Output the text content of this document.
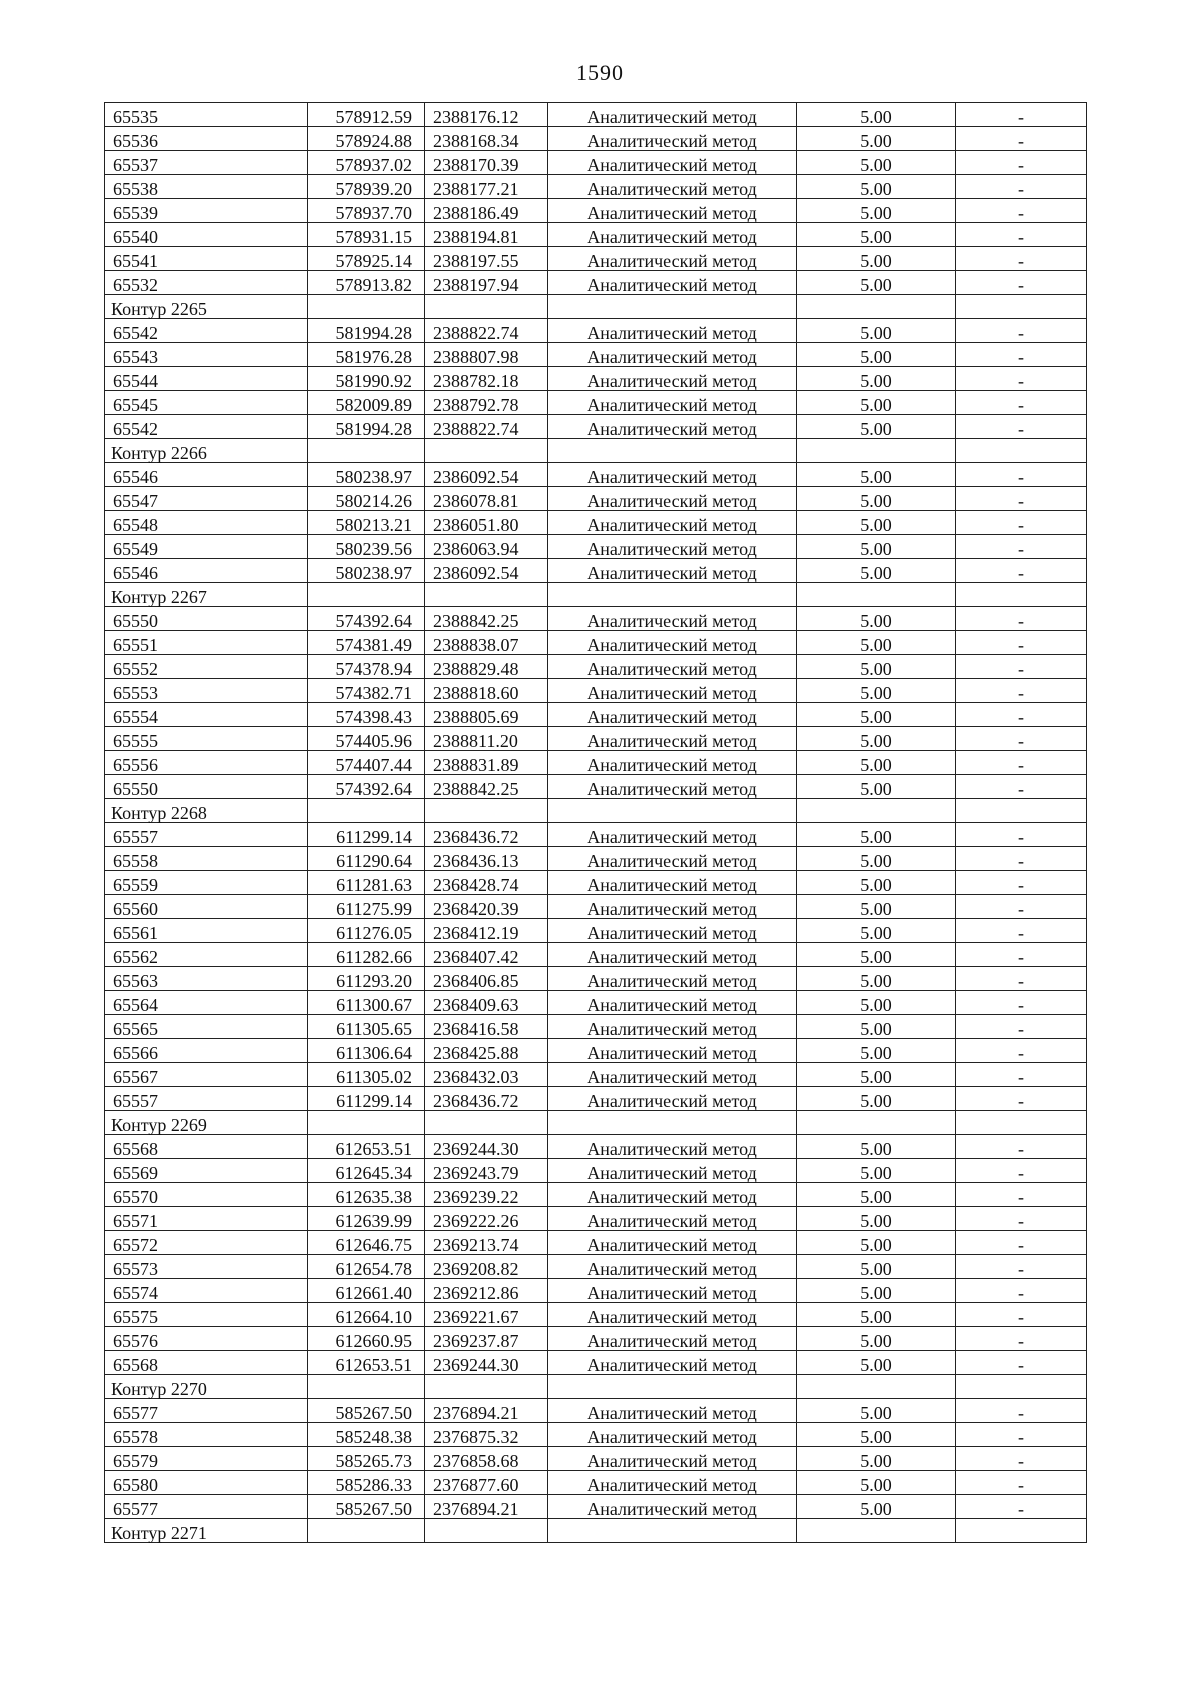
1590
65535	578912.59	2388176.12	Аналитический метод	5.00	-
65536	578924.88	2388168.34	Аналитический метод	5.00	-
65537	578937.02	2388170.39	Аналитический метод	5.00	-
65538	578939.20	2388177.21	Аналитический метод	5.00	-
65539	578937.70	2388186.49	Аналитический метод	5.00	-
65540	578931.15	2388194.81	Аналитический метод	5.00	-
65541	578925.14	2388197.55	Аналитический метод	5.00	-
65532	578913.82	2388197.94	Аналитический метод	5.00	-
Контур 2265					
65542	581994.28	2388822.74	Аналитический метод	5.00	-
65543	581976.28	2388807.98	Аналитический метод	5.00	-
65544	581990.92	2388782.18	Аналитический метод	5.00	-
65545	582009.89	2388792.78	Аналитический метод	5.00	-
65542	581994.28	2388822.74	Аналитический метод	5.00	-
Контур 2266					
65546	580238.97	2386092.54	Аналитический метод	5.00	-
65547	580214.26	2386078.81	Аналитический метод	5.00	-
65548	580213.21	2386051.80	Аналитический метод	5.00	-
65549	580239.56	2386063.94	Аналитический метод	5.00	-
65546	580238.97	2386092.54	Аналитический метод	5.00	-
Контур 2267					
65550	574392.64	2388842.25	Аналитический метод	5.00	-
65551	574381.49	2388838.07	Аналитический метод	5.00	-
65552	574378.94	2388829.48	Аналитический метод	5.00	-
65553	574382.71	2388818.60	Аналитический метод	5.00	-
65554	574398.43	2388805.69	Аналитический метод	5.00	-
65555	574405.96	2388811.20	Аналитический метод	5.00	-
65556	574407.44	2388831.89	Аналитический метод	5.00	-
65550	574392.64	2388842.25	Аналитический метод	5.00	-
Контур 2268					
65557	611299.14	2368436.72	Аналитический метод	5.00	-
65558	611290.64	2368436.13	Аналитический метод	5.00	-
65559	611281.63	2368428.74	Аналитический метод	5.00	-
65560	611275.99	2368420.39	Аналитический метод	5.00	-
65561	611276.05	2368412.19	Аналитический метод	5.00	-
65562	611282.66	2368407.42	Аналитический метод	5.00	-
65563	611293.20	2368406.85	Аналитический метод	5.00	-
65564	611300.67	2368409.63	Аналитический метод	5.00	-
65565	611305.65	2368416.58	Аналитический метод	5.00	-
65566	611306.64	2368425.88	Аналитический метод	5.00	-
65567	611305.02	2368432.03	Аналитический метод	5.00	-
65557	611299.14	2368436.72	Аналитический метод	5.00	-
Контур 2269					
65568	612653.51	2369244.30	Аналитический метод	5.00	-
65569	612645.34	2369243.79	Аналитический метод	5.00	-
65570	612635.38	2369239.22	Аналитический метод	5.00	-
65571	612639.99	2369222.26	Аналитический метод	5.00	-
65572	612646.75	2369213.74	Аналитический метод	5.00	-
65573	612654.78	2369208.82	Аналитический метод	5.00	-
65574	612661.40	2369212.86	Аналитический метод	5.00	-
65575	612664.10	2369221.67	Аналитический метод	5.00	-
65576	612660.95	2369237.87	Аналитический метод	5.00	-
65568	612653.51	2369244.30	Аналитический метод	5.00	-
Контур 2270					
65577	585267.50	2376894.21	Аналитический метод	5.00	-
65578	585248.38	2376875.32	Аналитический метод	5.00	-
65579	585265.73	2376858.68	Аналитический метод	5.00	-
65580	585286.33	2376877.60	Аналитический метод	5.00	-
65577	585267.50	2376894.21	Аналитический метод	5.00	-
Контур 2271					
